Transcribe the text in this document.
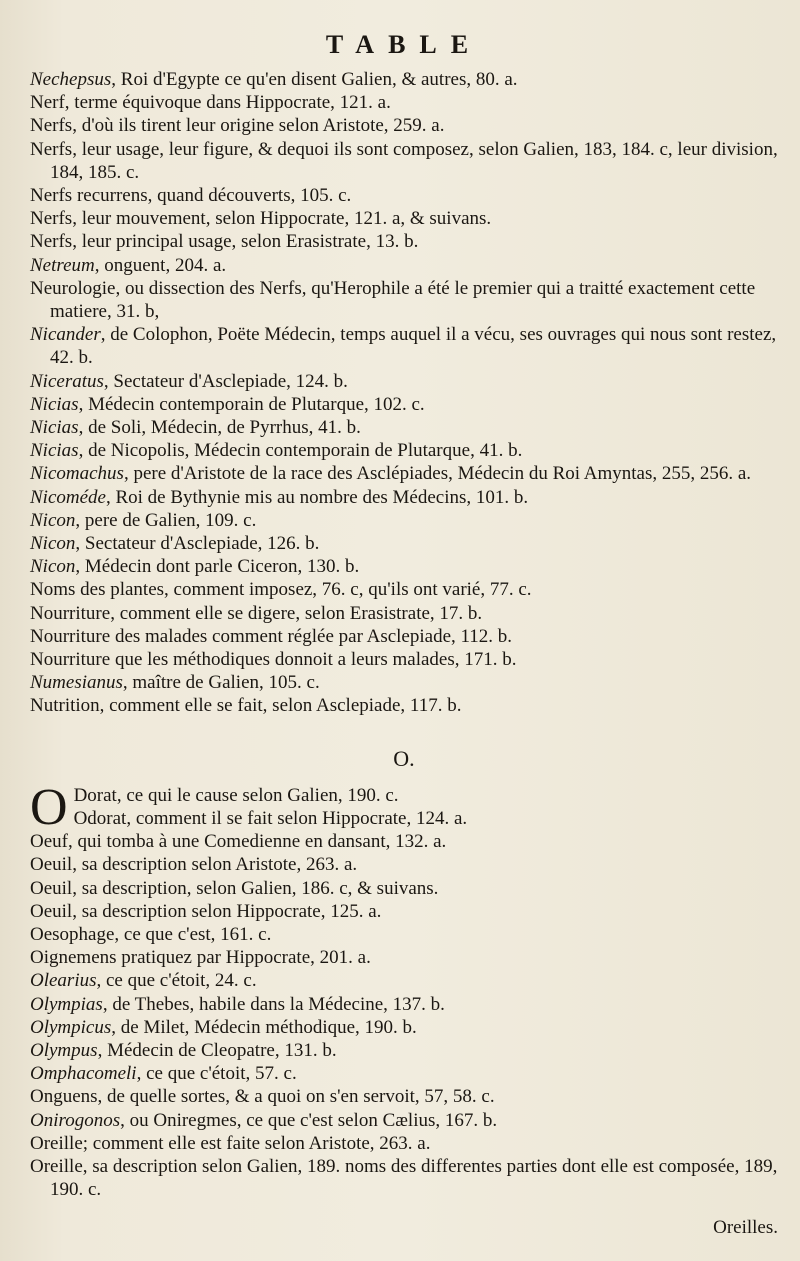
TABLE

Nechepsus, Roi d'Egypte ce qu'en disent Galien, & autres, 80. a.

Nerf, terme équivoque dans Hippocrate, 121. a.

Nerfs, d'où ils tirent leur origine selon Aristote, 259. a.

Nerfs, leur usage, leur figure, & dequoi ils sont composez, selon Galien, 183, 184. c, leur division, 184, 185. c.

Nerfs recurrens, quand découverts, 105. c.

Nerfs, leur mouvement, selon Hippocrate, 121. a, & suivans.

Nerfs, leur principal usage, selon Erasistrate, 13. b.

Netreum, onguent, 204. a.

Neurologie, ou dissection des Nerfs, qu'Herophile a été le premier qui a traitté exactement cette matiere, 31. b,

Nicander, de Colophon, Poëte Médecin, temps auquel il a vécu, ses ouvrages qui nous sont restez, 42. b.

Niceratus, Sectateur d'Asclepiade, 124. b.

Nicias, Médecin contemporain de Plutarque, 102. c.

Nicias, de Soli, Médecin, de Pyrrhus, 41. b.

Nicias, de Nicopolis, Médecin contemporain de Plutarque, 41. b.

Nicomachus, pere d'Aristote de la race des Asclépiades, Médecin du Roi Amyntas, 255, 256. a.

Nicoméde, Roi de Bythynie mis au nombre des Médecins, 101. b.

Nicon, pere de Galien, 109. c.

Nicon, Sectateur d'Asclepiade, 126. b.

Nicon, Médecin dont parle Ciceron, 130. b.

Noms des plantes, comment imposez, 76. c, qu'ils ont varié, 77. c.

Nourriture, comment elle se digere, selon Erasistrate, 17. b.

Nourriture des malades comment réglée par Asclepiade, 112. b.

Nourriture que les méthodiques donnoit a leurs malades, 171. b.

Numesianus, maître de Galien, 105. c.

Nutrition, comment elle se fait, selon Asclepiade, 117. b.

O.
O Dorat, ce qui le cause selon Galien, 190. c.

Odorat, comment il se fait selon Hippocrate, 124. a.

Oeuf, qui tomba à une Comedienne en dansant, 132. a.

Oeuil, sa description selon Aristote, 263. a.

Oeuil, sa description, selon Galien, 186. c, & suivans.

Oeuil, sa description selon Hippocrate, 125. a.

Oesophage, ce que c'est, 161. c.

Oignemens pratiquez par Hippocrate, 201. a.

Olearius, ce que c'étoit, 24. c.

Olympias, de Thebes, habile dans la Médecine, 137. b.

Olympicus, de Milet, Médecin méthodique, 190. b.

Olympus, Médecin de Cleopatre, 131. b.

Omphacomeli, ce que c'étoit, 57. c.

Onguens, de quelle sortes, & a quoi on s'en servoit, 57, 58. c.

Onirogonos, ou Oniregmes, ce que c'est selon Cælius, 167. b.

Oreille; comment elle est faite selon Aristote, 263. a.

Oreille, sa description selon Galien, 189. noms des differentes parties dont elle est composée, 189, 190. c.

Oreilles.
